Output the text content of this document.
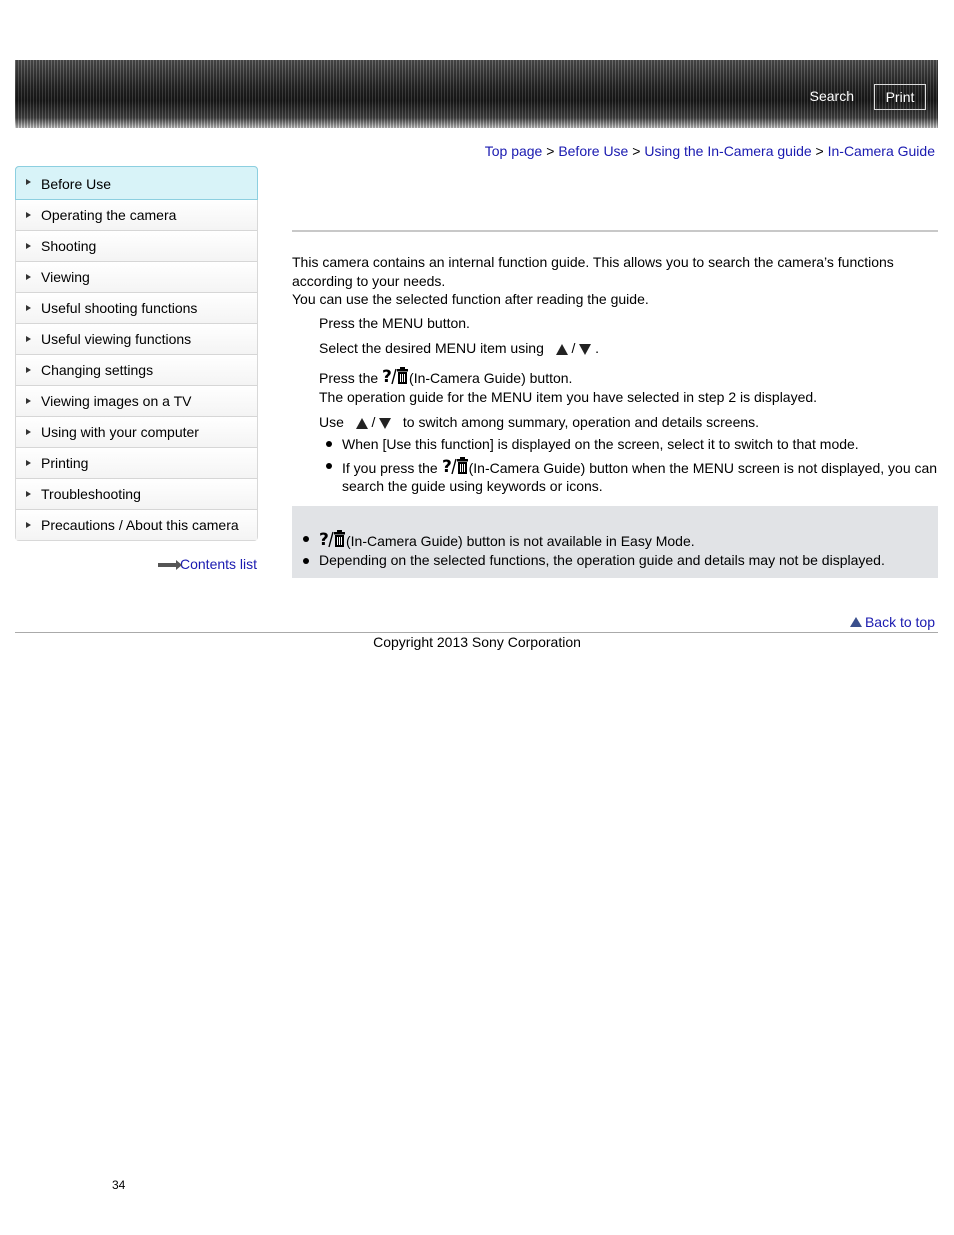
Search	Print
Top page > Before Use > Using the In-Camera guide > In-Camera Guide
Before Use
Operating the camera
Shooting
Viewing
Useful shooting functions
Useful viewing functions
Changing settings
Viewing images on a TV
Using with your computer
Printing
Troubleshooting
Precautions / About this camera
Contents list

This camera contains an internal function guide. This allows you to search the camera’s functions according to your needs.

You can use the selected function after reading the guide.

Press the MENU button.
Select the desired MENU item using / .
Press the ? (In-Camera Guide) button.
The operation guide for the MENU item you have selected in step 2 is displayed.
Use / to switch among summary, operation and details screens.
When [Use this function] is displayed on the screen, select it to switch to that mode.
If you press the ? (In-Camera Guide) button when the MENU screen is not displayed, you can search the guide using keywords or icons.
? (In-Camera Guide) button is not available in Easy Mode.
Depending on the selected functions, the operation guide and details may not be displayed.
Back to top
Copyright 2013 Sony Corporation
34
